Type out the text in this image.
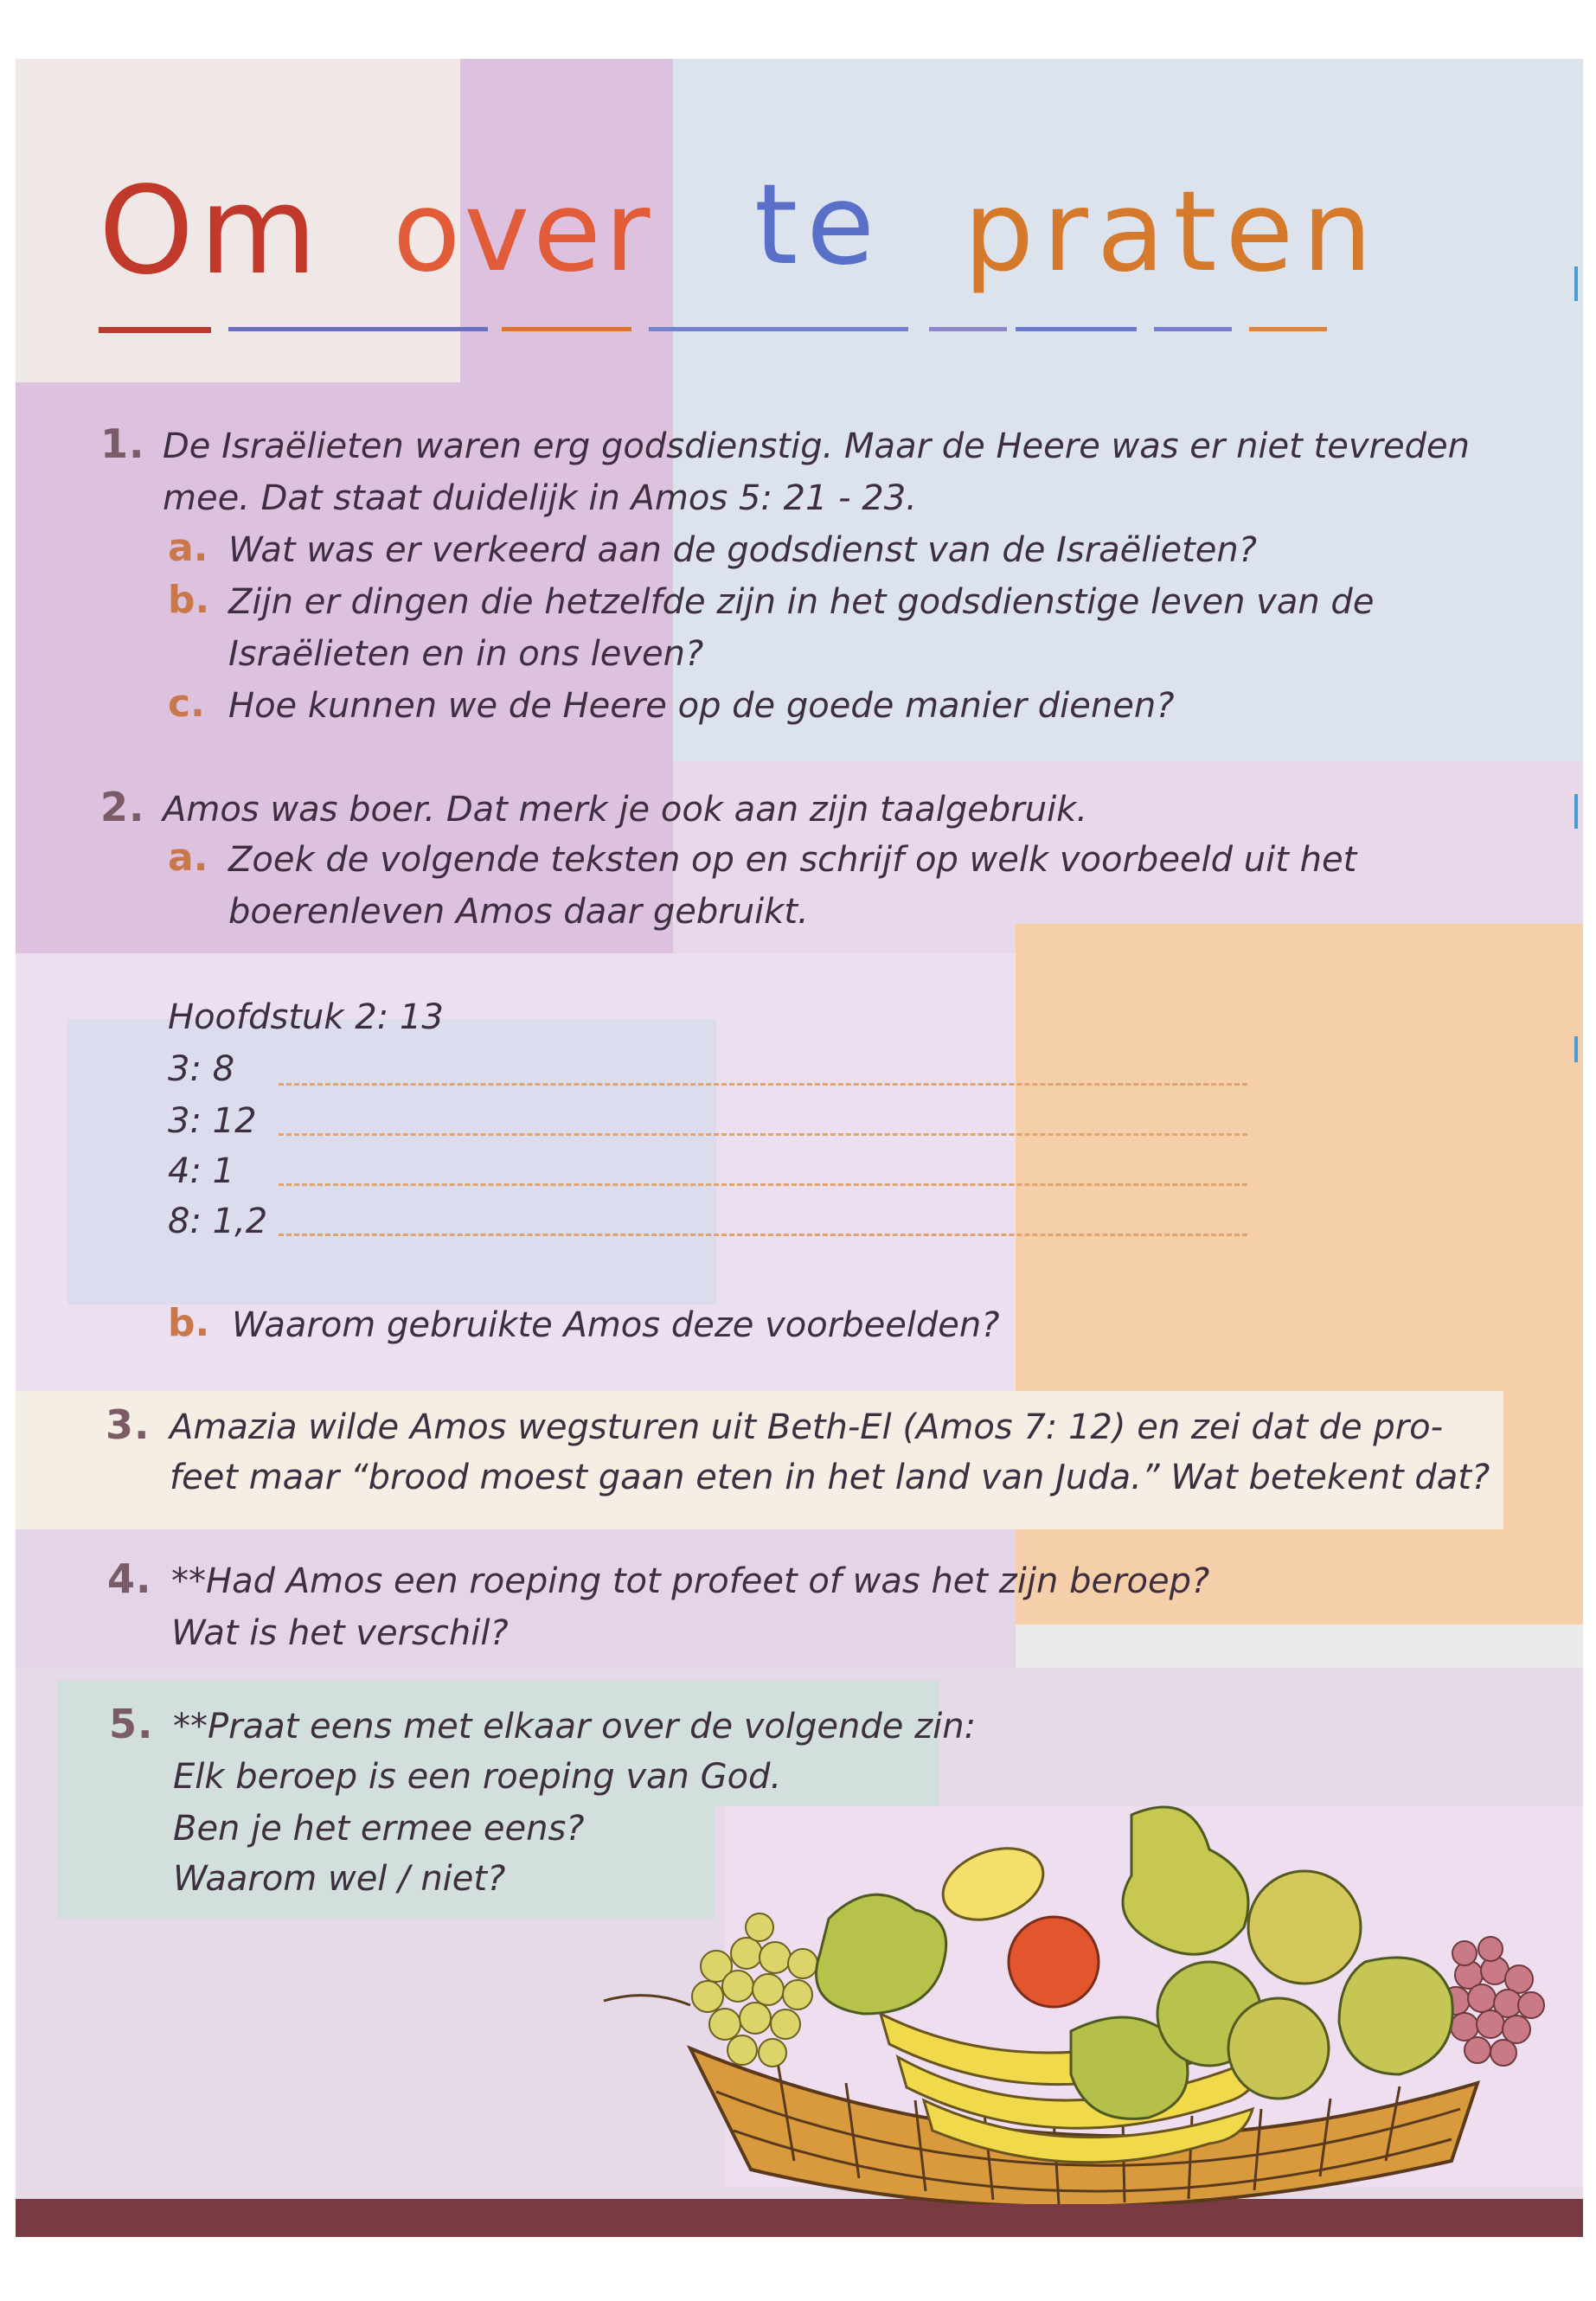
Om over te praten
1. De Israëlieten waren erg godsdienstig. Maar de Heere was er niet tevreden
mee. Dat staat duidelijk in Amos 5: 21 - 23.
a. Wat was er verkeerd aan de godsdienst van de Israëlieten?
b. Zijn er dingen die hetzelfde zijn in het godsdienstige leven van de
Israëlieten en in ons leven?
c. Hoe kunnen we de Heere op de goede manier dienen?
2. Amos was boer. Dat merk je ook aan zijn taalgebruik.
a. Zoek de volgende teksten op en schrijf op welk voorbeeld uit het
boerenleven Amos daar gebruikt.
Hoofdstuk 2: 13
3: 8
3: 12
4: 1
8: 1,2
b. Waarom gebruikte Amos deze voorbeelden?
3. Amazia wilde Amos wegsturen uit Beth-El (Amos 7: 12) en zei dat de pro-
feet maar “brood moest gaan eten in het land van Juda.” Wat betekent dat?
4. **Had Amos een roeping tot profeet of was het zijn beroep?
Wat is het verschil?
5. **Praat eens met elkaar over de volgende zin:
Elk beroep is een roeping van God.
Ben je het ermee eens?
Waarom wel / niet?
